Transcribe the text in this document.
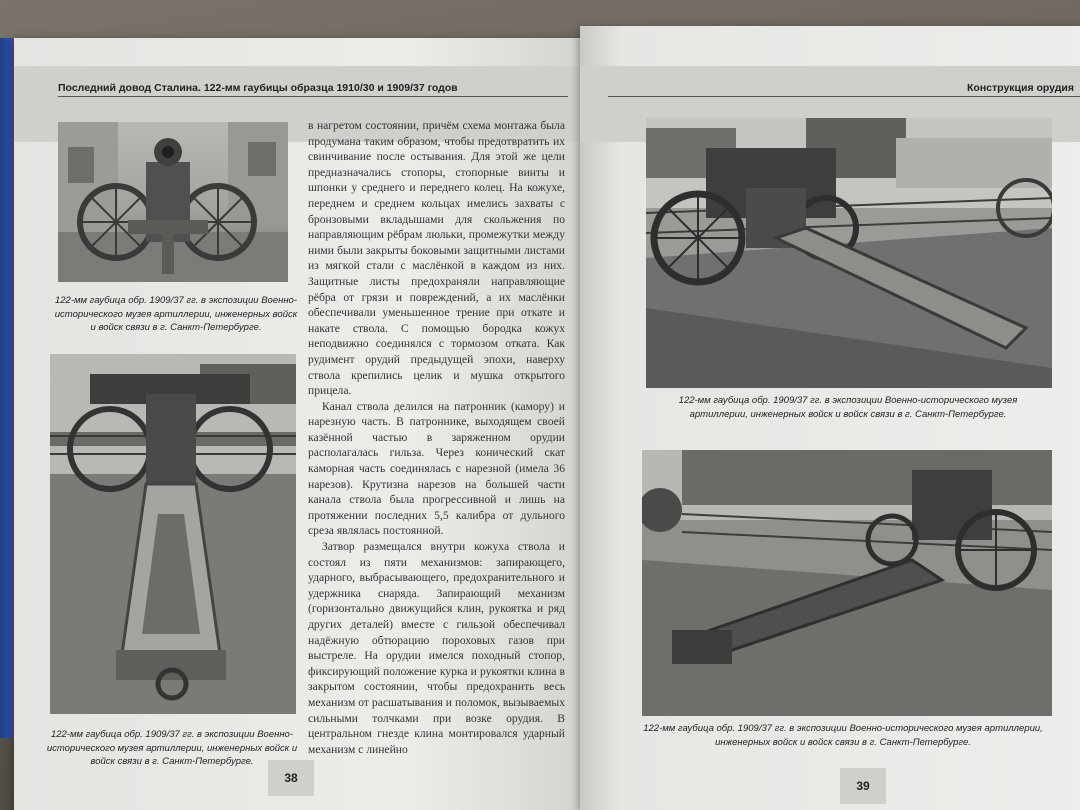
Последний довод Сталина. 122-мм гаубицы образца 1910/30 и 1909/37 годов
122-мм гаубица обр. 1909/37 гг. в экспозиции Военно-исторического музея артиллерии, инженерных войск и войск связи в г. Санкт-Петербурге.
122-мм гаубица обр. 1909/37 гг. в экспозиции Военно-исторического музея артиллерии, инженерных войск и войск связи в г. Санкт-Петербурге.

в нагретом состоянии, причём схема монтажа была продумана таким образом, чтобы предотвратить их свинчивание после остывания. Для этой же цели предназначались стопоры, стопорные винты и шпонки у среднего и переднего колец. На кожухе, переднем и среднем кольцах имелись захваты с бронзовыми вкладышами для скольжения по направляющим рёбрам люльки, промежутки между ними были закрыты боковыми защитными листами из мягкой стали с маслёнкой в каждом из них. Защитные листы предохраняли направляющие рёбра от грязи и повреждений, а их маслёнки обеспечивали уменьшенное трение при откате и накате ствола. С помощью бородка кожух неподвижно соединялся с тормозом отката. Как рудимент орудий предыдущей эпохи, наверху ствола крепились целик и мушка открытого прицела.

Канал ствола делился на патронник (камору) и нарезную часть. В патроннике, выходящем своей казённой частью в заряженном орудии располагалась гильза. Через конический скат каморная часть соединялась с нарезной (имела 36 нарезов). Крутизна нарезов на большей части канала ствола была прогрессивной и лишь на протяжении последних 5,5 калибра от дульного среза являлась постоянной.

Затвор размещался внутри кожуха ствола и состоял из пяти механизмов: запирающего, ударного, выбрасывающего, предохранительного и удержника снаряда. Запирающий механизм (горизонтально движущийся клин, рукоятка и ряд других деталей) вместе с гильзой обеспечивал надёжную обтюрацию пороховых газов при выстреле. На орудии имелся походный стопор, фиксирующий положение курка и рукоятки клина в закрытом состоянии, чтобы предохранить весь механизм от расшатывания и поломок, вызываемых сильными толчками при возке орудия. В центральном гнезде клина монтировался ударный механизм с линейно

38
Конструкция орудия
122-мм гаубица обр. 1909/37 гг. в экспозиции Военно-исторического музея артиллерии, инженерных войск и войск связи в г. Санкт-Петербурге.
122-мм гаубица обр. 1909/37 гг. в экспозиции Военно-исторического музея артиллерии, инженерных войск и войск связи в г. Санкт-Петербурге.
39
